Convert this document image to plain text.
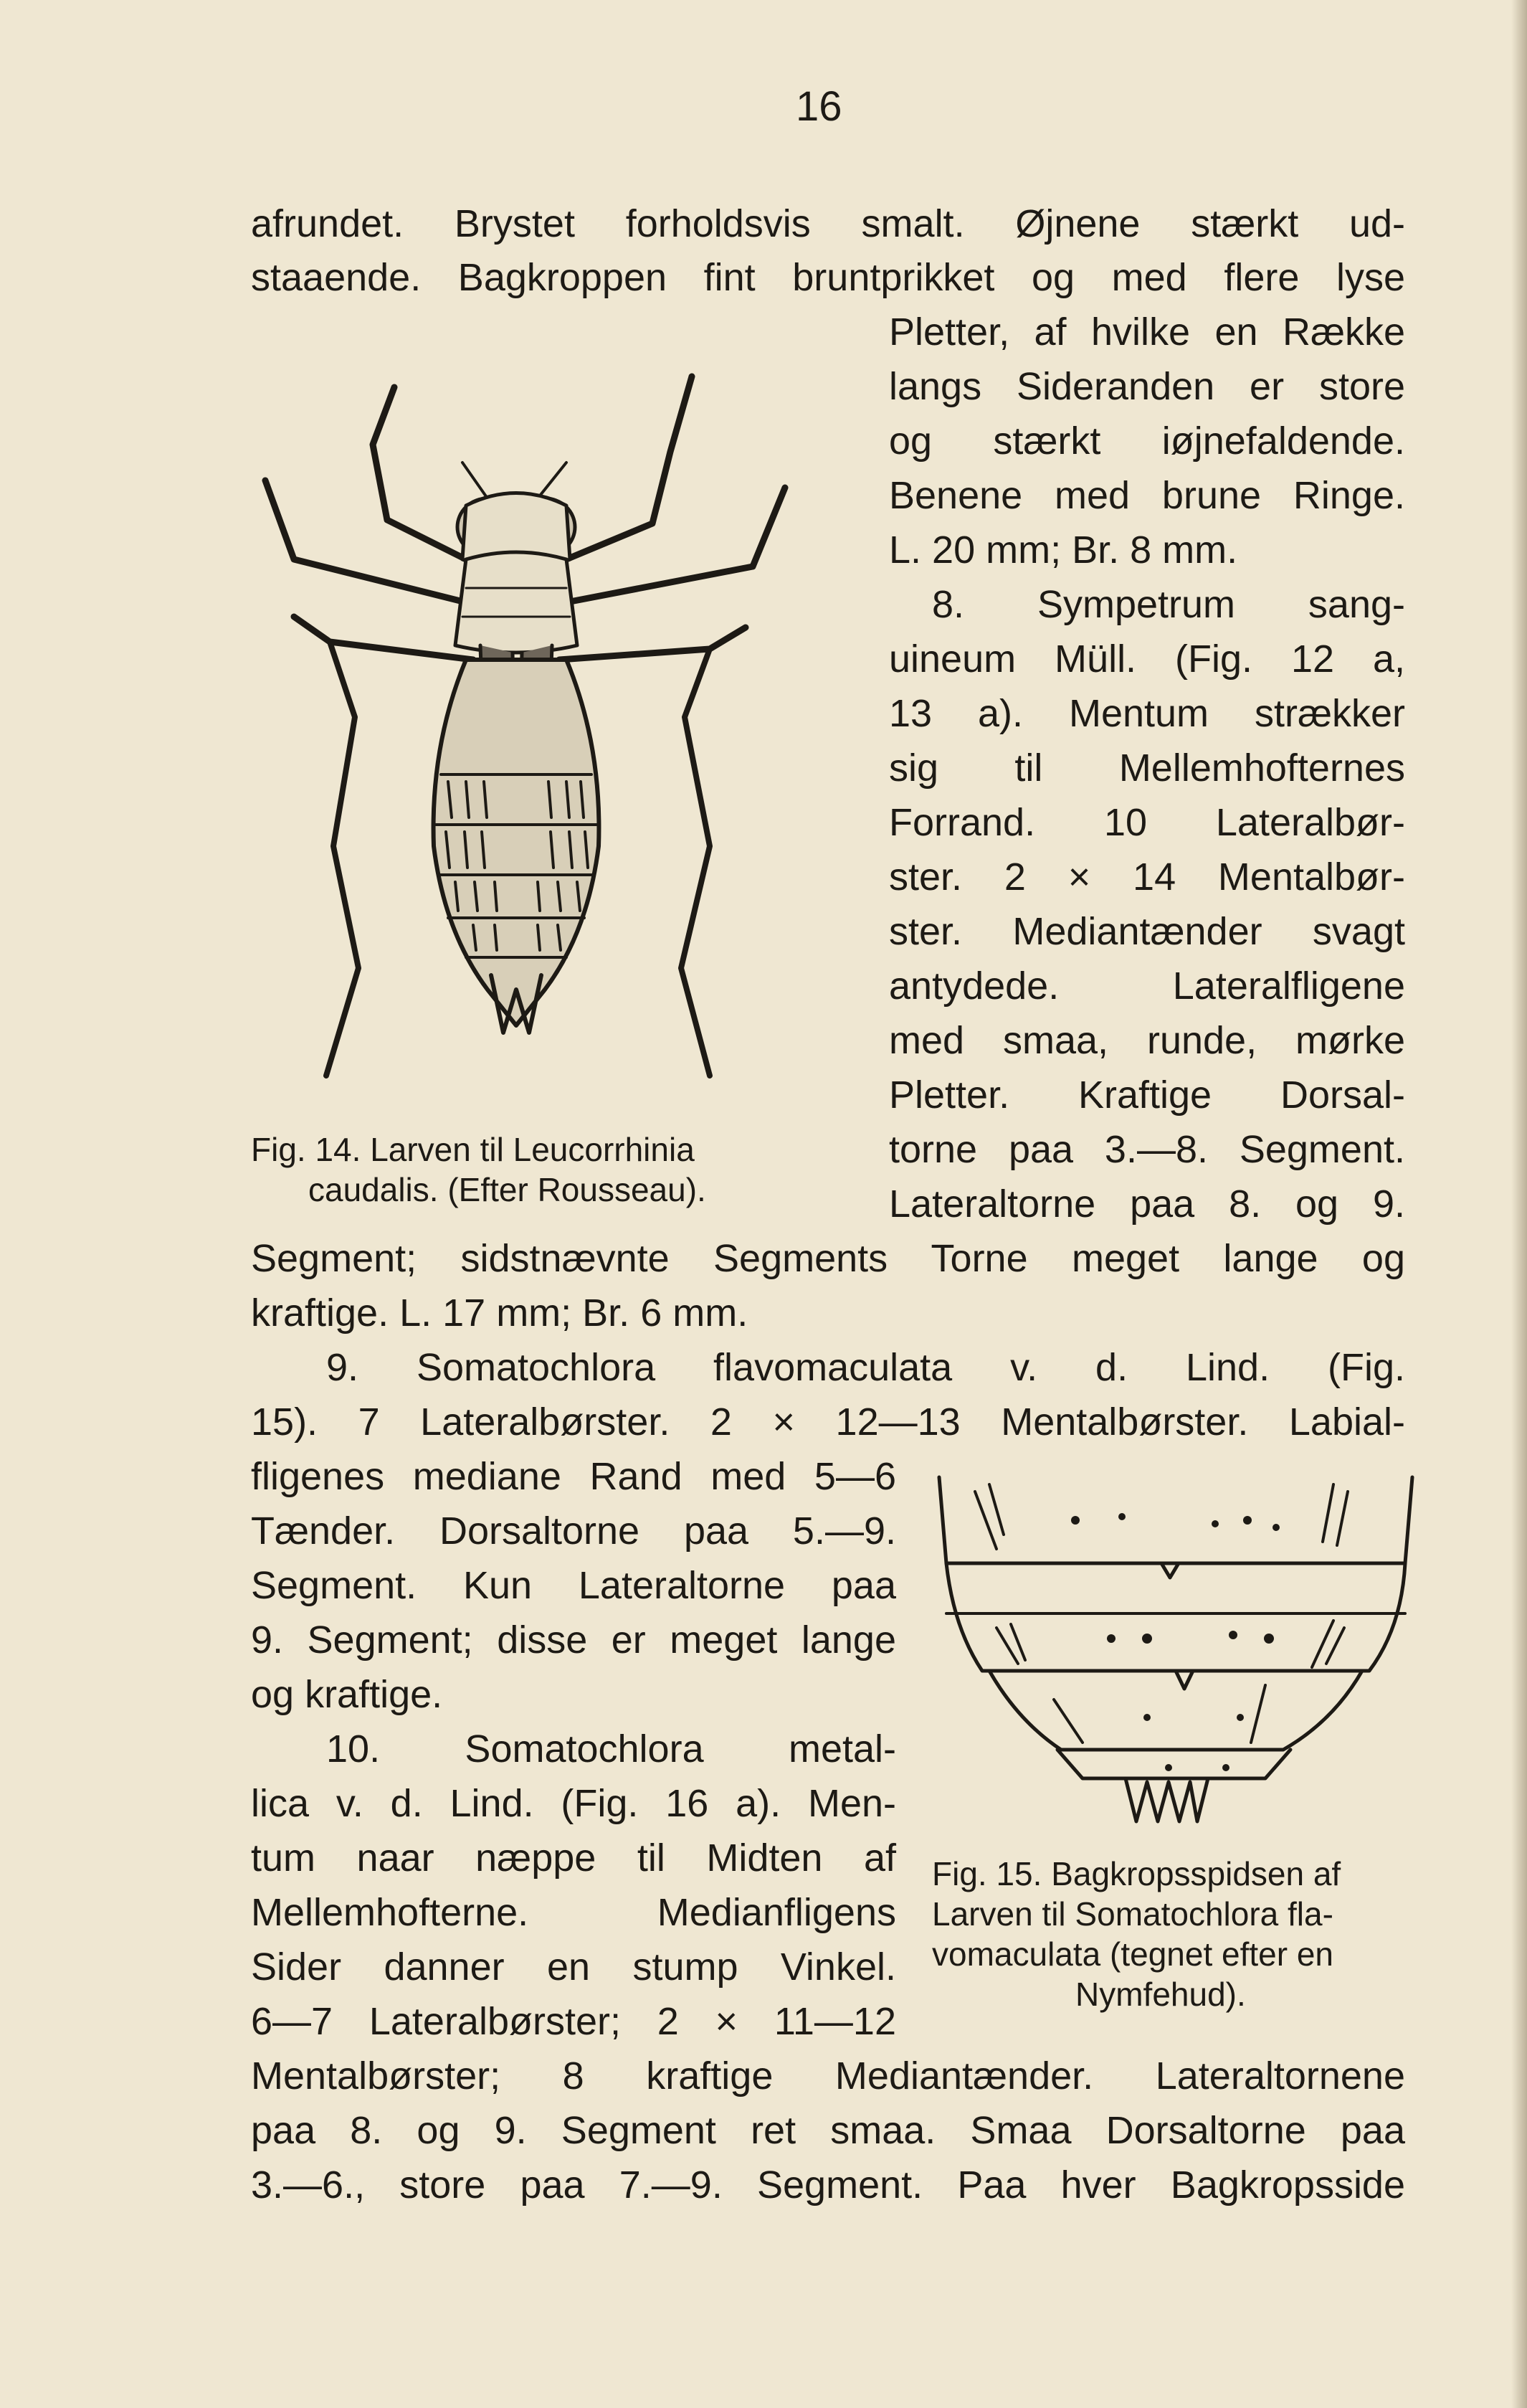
16
afrundet. Brystet forholdsvis smalt. Øjnene stærkt ud-
staaende. Bagkroppen fint bruntprikket og med flere lyse
Pletter, af hvilke en Række
langs Sideranden er store
og stærkt iøjnefaldende.
Benene med brune Ringe.
L. 20 mm; Br. 8 mm.
8. Sympetrum sang-
uineum Müll. (Fig. 12 a,
13 a). Mentum strækker
sig til Mellemhofternes
Forrand. 10 Lateralbør-
ster. 2 × 14 Mentalbør-
ster. Mediantænder svagt
antydede. Lateralfligene
med smaa, runde, mørke
Pletter. Kraftige Dorsal-
torne paa 3.—8. Segment.
Lateraltorne paa 8. og 9.
Segment; sidstnævnte Segments Torne meget lange og
kraftige. L. 17 mm; Br. 6 mm.
9. Somatochlora flavomaculata v. d. Lind. (Fig.
15). 7 Lateralbørster. 2 × 12—13 Mentalbørster. Labial-
fligenes mediane Rand med 5—6
Tænder. Dorsaltorne paa 5.—9.
Segment. Kun Lateraltorne paa
9. Segment; disse er meget lange
og kraftige.
10. Somatochlora metal-
lica v. d. Lind. (Fig. 16 a). Men-
tum naar næppe til Midten af
Mellemhofterne. Medianfligens
Sider danner en stump Vinkel.
6—7 Lateralbørster; 2 × 11—12
Mentalbørster; 8 kraftige Mediantænder. Lateraltornene
paa 8. og 9. Segment ret smaa. Smaa Dorsaltorne paa
3.—6., store paa 7.—9. Segment. Paa hver Bagkropsside
Fig. 14. Larven til Leucorrhinia
caudalis. (Efter Rousseau).
Fig. 15. Bagkropsspidsen af
Larven til Somatochlora fla-
vomaculata (tegnet efter en
Nymfehud).
